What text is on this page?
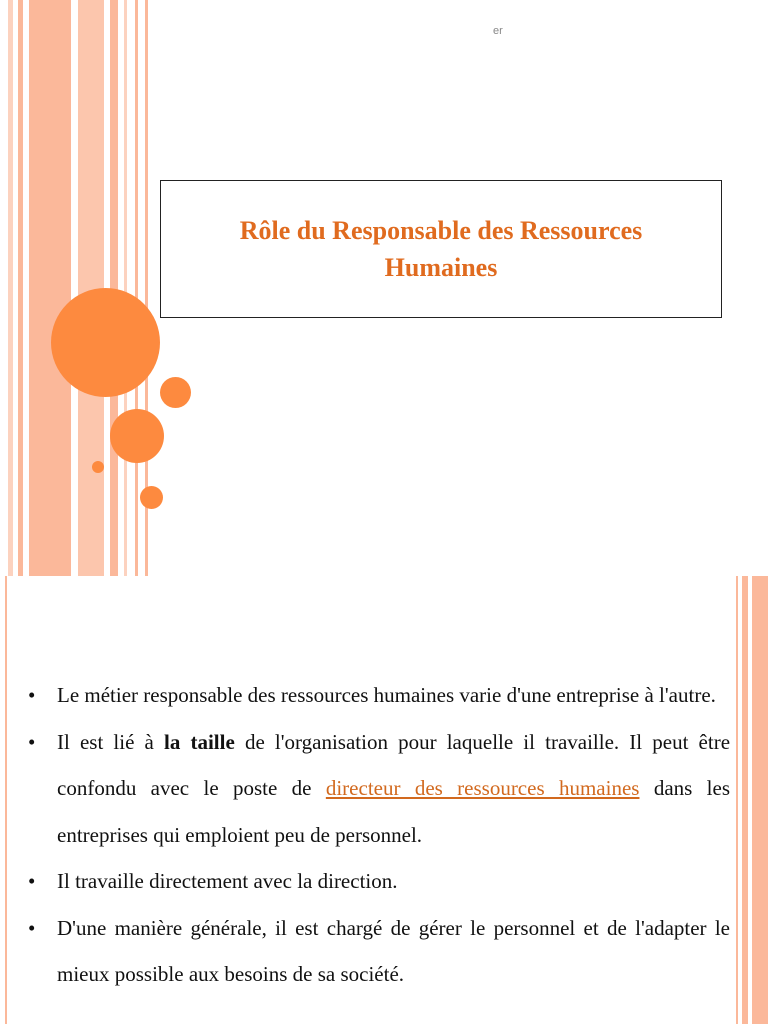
er
Rôle du Responsable des Ressources
Humaines
• Le métier responsable des ressources humaines varie d'une entreprise à l'autre.
• Il est lié à la taille de l'organisation pour laquelle il travaille. Il peut être confondu avec le poste de directeur des ressources humaines dans les entreprises qui emploient peu de personnel.
• Il travaille directement avec la direction.
• D'une manière générale, il est chargé de gérer le personnel et de l'adapter le mieux possible aux besoins de sa société.
